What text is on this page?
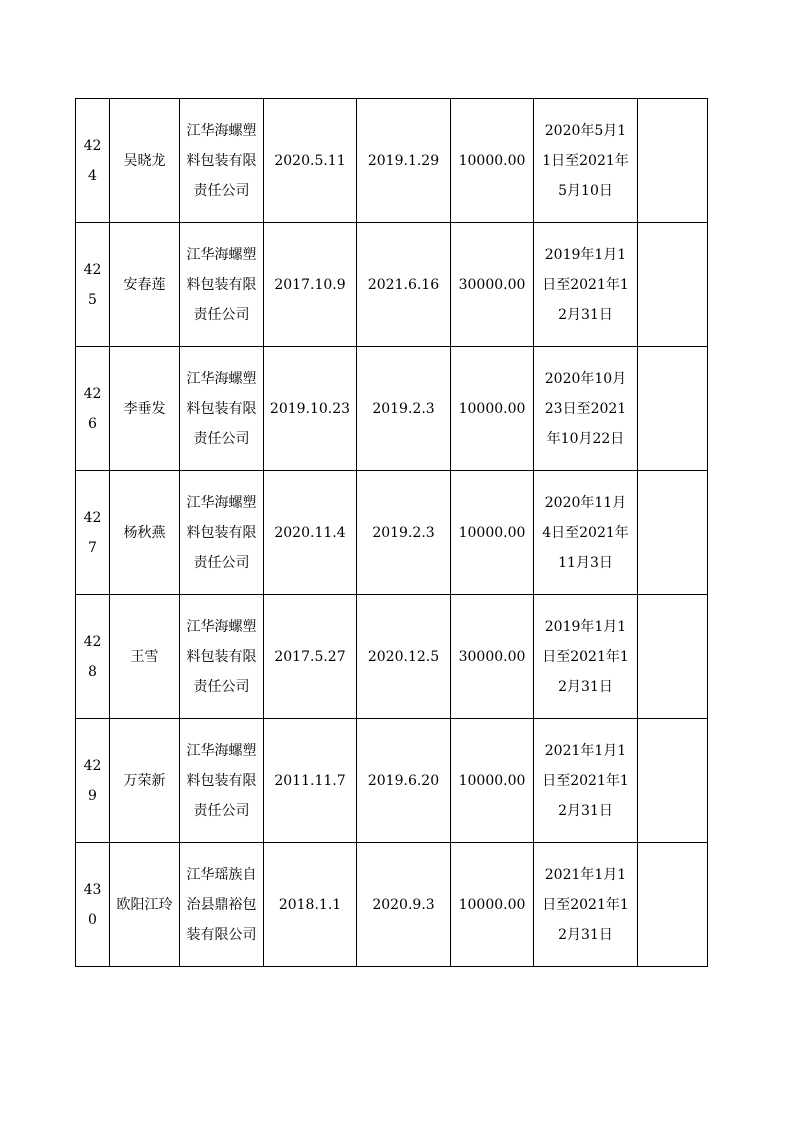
424	吴晓龙	江华海螺塑料包装有限责任公司	2020.5.11	2019.1.29	10000.00	2020年5月11日至2021年5月10日	
425	安春莲	江华海螺塑料包装有限责任公司	2017.10.9	2021.6.16	30000.00	2019年1月1日至2021年12月31日	
426	李垂发	江华海螺塑料包装有限责任公司	2019.10.23	2019.2.3	10000.00	2020年10月23日至2021年10月22日	
427	杨秋燕	江华海螺塑料包装有限责任公司	2020.11.4	2019.2.3	10000.00	2020年11月4日至2021年11月3日	
428	王雪	江华海螺塑料包装有限责任公司	2017.5.27	2020.12.5	30000.00	2019年1月1日至2021年12月31日	
429	万荣新	江华海螺塑料包装有限责任公司	2011.11.7	2019.6.20	10000.00	2021年1月1日至2021年12月31日	
430	欧阳江玲	江华瑶族自治县鼎裕包装有限公司	2018.1.1	2020.9.3	10000.00	2021年1月1日至2021年12月31日	
